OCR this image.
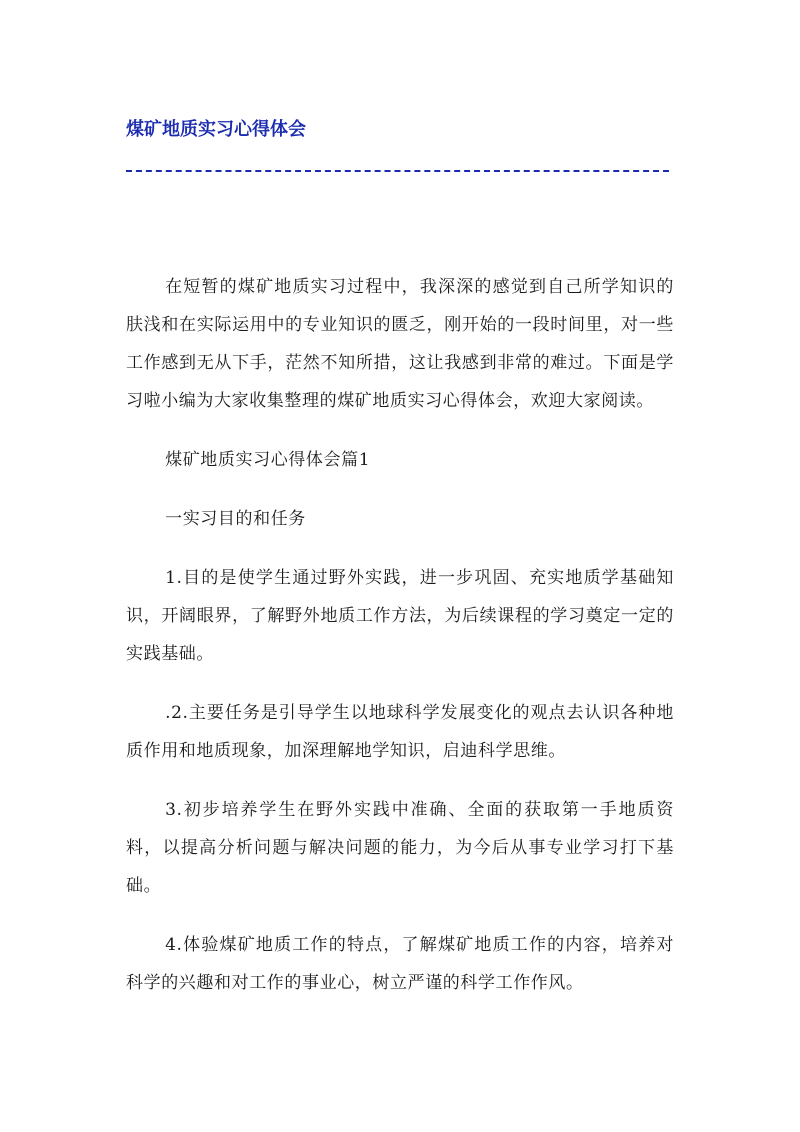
煤矿地质实习心得体会

在短暂的煤矿地质实习过程中，我深深的感觉到自己所学知识的肤浅和在实际运用中的专业知识的匮乏，刚开始的一段时间里，对一些工作感到无从下手，茫然不知所措，这让我感到非常的难过。下面是学习啦小编为大家收集整理的煤矿地质实习心得体会，欢迎大家阅读。

煤矿地质实习心得体会篇1

一实习目的和任务

1.目的是使学生通过野外实践，进一步巩固、充实地质学基础知识，开阔眼界，了解野外地质工作方法，为后续课程的学习奠定一定的实践基础。

.2.主要任务是引导学生以地球科学发展变化的观点去认识各种地质作用和地质现象，加深理解地学知识，启迪科学思维。

3.初步培养学生在野外实践中准确、全面的获取第一手地质资料，以提高分析问题与解决问题的能力，为今后从事专业学习打下基础。

4.体验煤矿地质工作的特点，了解煤矿地质工作的内容，培养对科学的兴趣和对工作的事业心，树立严谨的科学工作作风。
